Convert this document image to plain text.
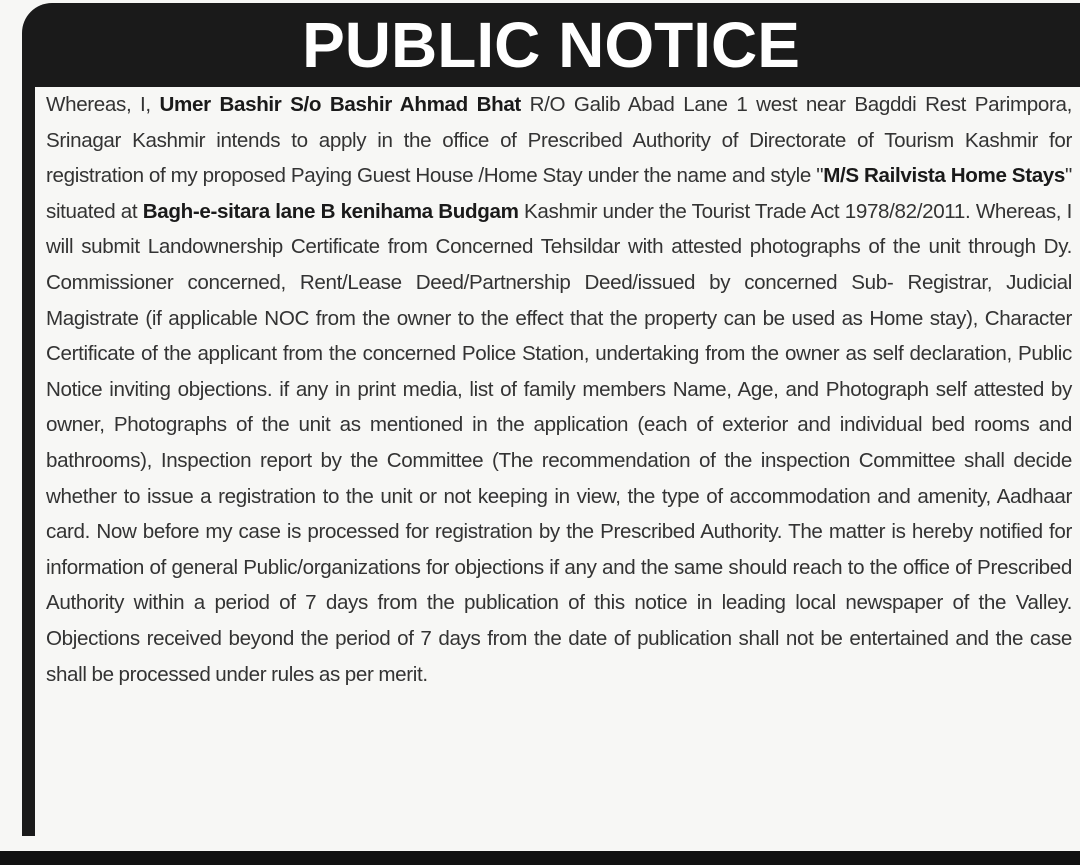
PUBLIC NOTICE

Whereas, I, Umer Bashir S/o Bashir Ahmad Bhat R/O Galib Abad Lane 1 west near Bagddi Rest Parimpora, Srinagar Kashmir intends to apply in the office of Prescribed Authority of Directorate of Tourism Kashmir for registration of my proposed Paying Guest House /Home Stay under the name and style "M/S Railvista Home Stays" situated at Bagh-e-sitara lane B kenihama Budgam Kashmir under the Tourist Trade Act 1978/82/2011. Whereas, I will submit Landownership Certificate from Concerned Tehsildar with attested photographs of the unit through Dy. Commissioner concerned, Rent/Lease Deed/Partnership Deed/issued by concerned Sub- Registrar, Judicial Magistrate (if applicable NOC from the owner to the effect that the property can be used as Home stay), Character Certificate of the applicant from the concerned Police Station, undertaking from the owner as self declaration, Public Notice inviting objections. if any in print media, list of family members Name, Age, and Photograph self attested by owner, Photographs of the unit as mentioned in the application (each of exterior and individual bed rooms and bathrooms), Inspection report by the Committee (The recommendation of the inspection Committee shall decide whether to issue a registration to the unit or not keeping in view, the type of accommodation and amenity, Aadhaar card. Now before my case is processed for registration by the Prescribed Authority. The matter is hereby notified for information of general Public/organizations for objections if any and the same should reach to the office of Prescribed Authority within a period of 7 days from the publication of this notice in leading local newspaper of the Valley. Objections received beyond the period of 7 days from the date of publication shall not be entertained and the case shall be processed under rules as per merit.
